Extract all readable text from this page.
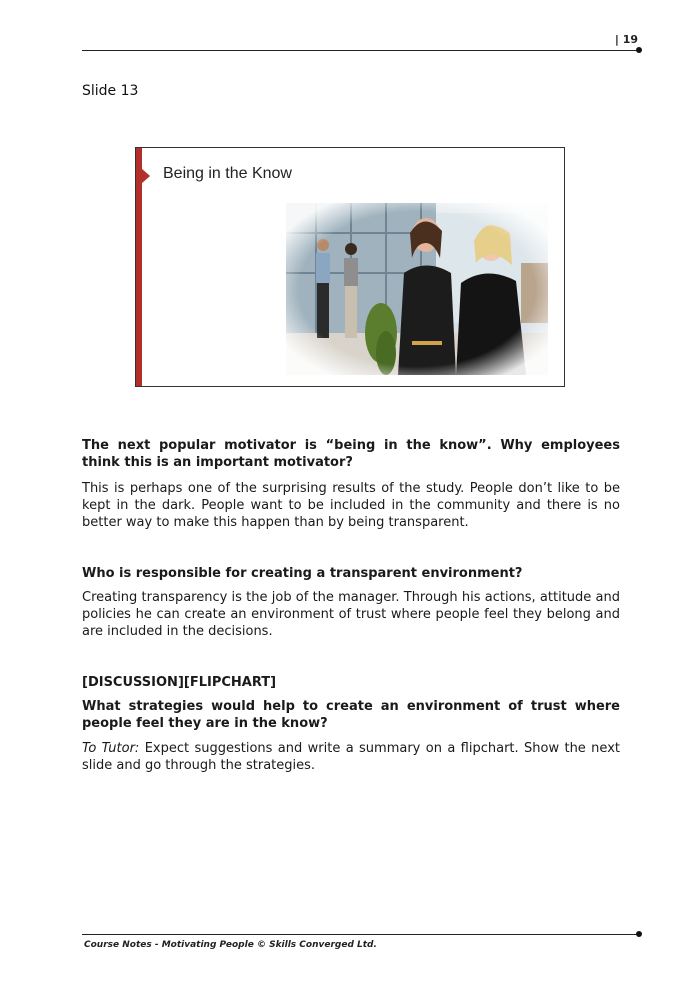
| 19
Slide 13
Being in the Know

The next popular motivator is “being in the know”. Why employees think this is an important motivator?

This is perhaps one of the surprising results of the study. People don’t like to be kept in the dark. People want to be included in the community and there is no better way to make this happen than by being transparent.

Who is responsible for creating a transparent environment?

Creating transparency is the job of the manager. Through his actions, attitude and policies he can create an environment of trust where people feel they belong and are included in the decisions.

[DISCUSSION][FLIPCHART]

What strategies would help to create an environment of trust where people feel they are in the know?

To Tutor: Expect suggestions and write a summary on a flipchart. Show the next slide and go through the strategies.

Course Notes - Motivating People © Skills Converged Ltd.
